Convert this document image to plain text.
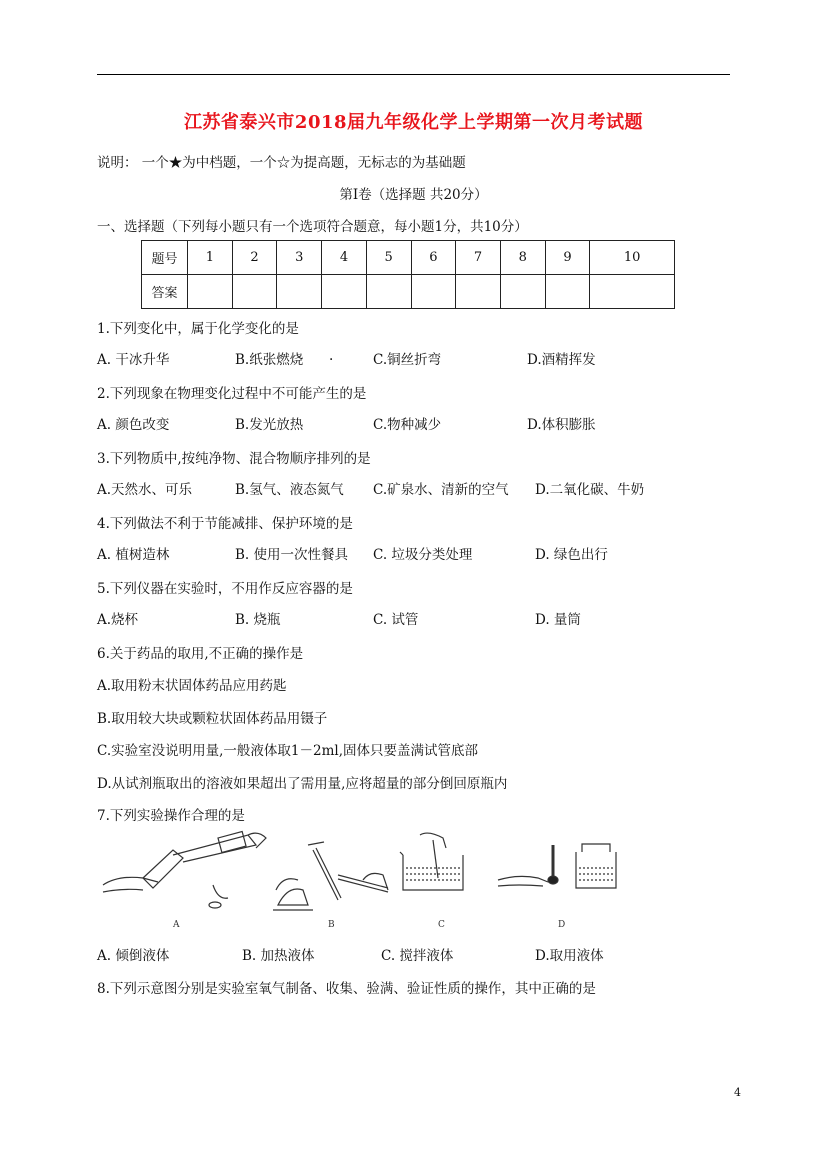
江苏省泰兴市2018届九年级化学上学期第一次月考试题
说明： 一个★为中档题，一个☆为提高题，无标志的为基础题
第I卷（选择题 共20分）
一、选择题（下列每小题只有一个选项符合题意，每小题1分，共10分）
题号	1	2	3	4	5	6	7	8	9	10
答案										
1.下列变化中，属于化学变化的是
A. 干冰升华	B.纸张燃烧 .	C.铜丝折弯	D.酒精挥发
2.下列现象在物理变化过程中不可能产生的是
A. 颜色改变	B.发光放热	C.物种减少	D.体积膨胀
3.下列物质中,按纯净物、混合物顺序排列的是
A.天然水、可乐	B.氢气、液态氮气 C.矿泉水、清新的空气 D.二氧化碳、牛奶
4.下列做法不利于节能减排、保护环境的是
A. 植树造林	B. 使用一次性餐具 C. 垃圾分类处理	D. 绿色出行
5.下列仪器在实验时，不用作反应容器的是
A.烧杯	B. 烧瓶	C. 试管	D. 量筒
6.关于药品的取用,不正确的操作是
A.取用粉末状固体药品应用药匙
B.取用较大块或颗粒状固体药品用镊子
C.实验室没说明用量,一般液体取1－2ml,固体只要盖满试管底部
D.从试剂瓶取出的溶液如果超出了需用量,应将超量的部分倒回原瓶内
7.下列实验操作合理的是
A	B	C	D
A. 倾倒液体	B. 加热液体	C. 搅拌液体	D.取用液体
8.下列示意图分别是实验室氧气制备、收集、验满、验证性质的操作，其中正确的是
4
